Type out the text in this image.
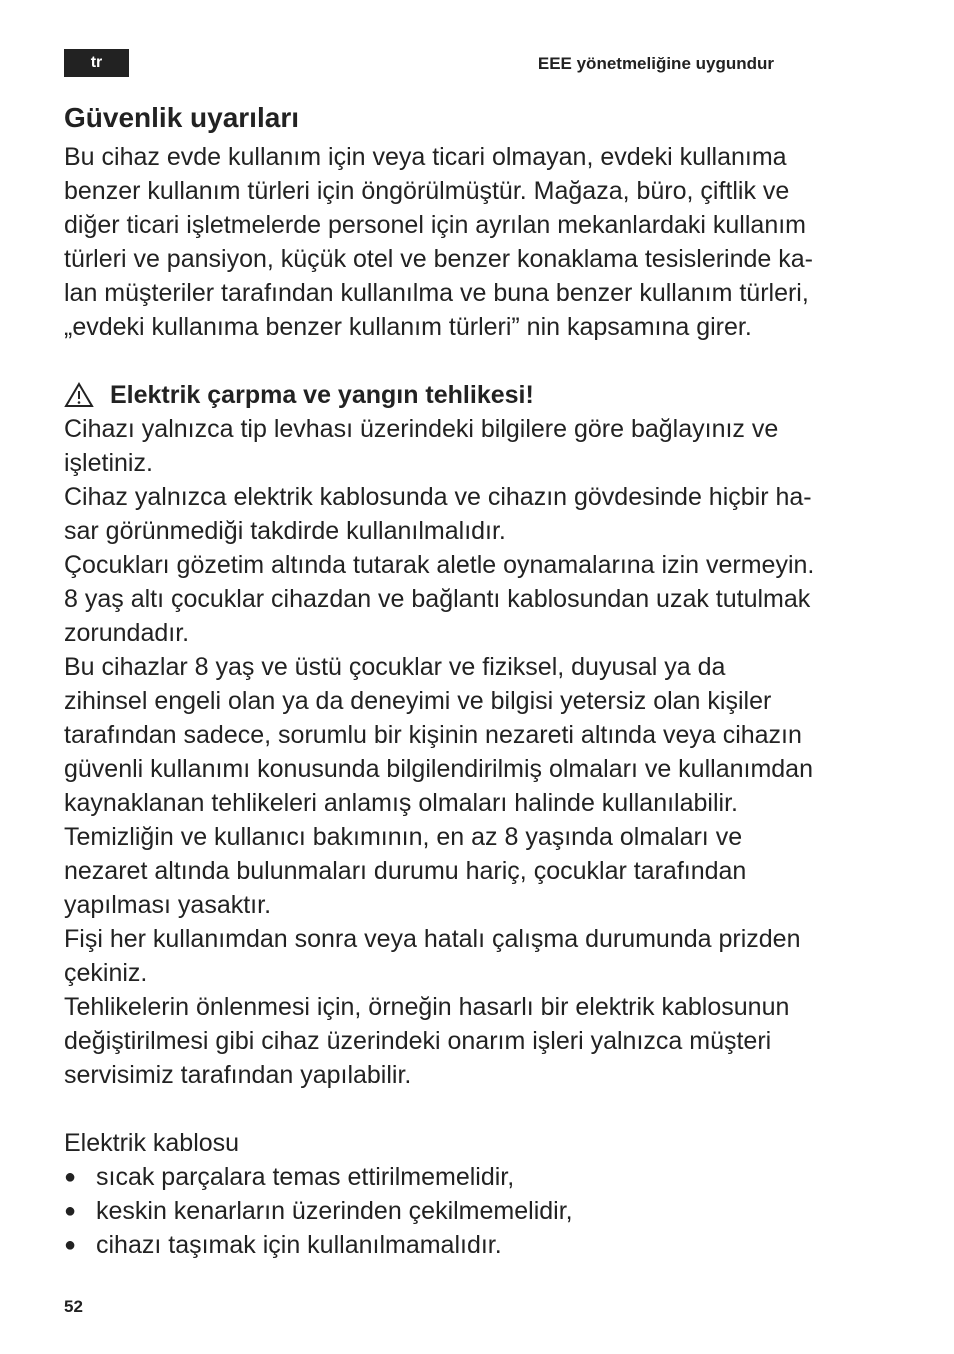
tr	EEE yönetmeliğine uygundur
Güvenlik uyarıları

Bu cihaz evde kullanım için veya ticari olmayan, evdeki kullanıma
benzer kullanım türleri için öngörülmüştür. Mağaza, büro, çiftlik ve
diğer ticari işletmelerde personel için ayrılan mekanlardaki kullanım
türleri ve pansiyon, küçük otel ve benzer konaklama tesislerinde ka-
lan müşteriler tarafından kullanılma ve buna benzer kullanım türleri,
„evdeki kullanıma benzer kullanım türleri” nin kapsamına girer.

Elektrik çarpma ve yangın tehlikesi!

Cihazı yalnızca tip levhası üzerindeki bilgilere göre bağlayınız ve
işletiniz.

Cihaz yalnızca elektrik kablosunda ve cihazın gövdesinde hiçbir ha-
sar görünmediği takdirde kullanılmalıdır.

Çocukları gözetim altında tutarak aletle oynamalarına izin vermeyin.

8 yaş altı çocuklar cihazdan ve bağlantı kablosundan uzak tutulmak
zorundadır.

Bu cihazlar 8 yaş ve üstü çocuklar ve fiziksel, duyusal ya da
zihinsel engeli olan ya da deneyimi ve bilgisi yetersiz olan kişiler
tarafından sadece, sorumlu bir kişinin nezareti altında veya cihazın
güvenli kullanımı konusunda bilgilendirilmiş olmaları ve kullanımdan
kaynaklanan tehlikeleri anlamış olmaları halinde kullanılabilir.

Temizliğin ve kullanıcı bakımının, en az 8 yaşında olmaları ve
nezaret altında bulunmaları durumu hariç, çocuklar tarafından
yapılması yasaktır.

Fişi her kullanımdan sonra veya hatalı çalışma durumunda prizden
çekiniz.

Tehlikelerin önlenmesi için, örneğin hasarlı bir elektrik kablosunun
değiştirilmesi gibi cihaz üzerindeki onarım işleri yalnızca müşteri
servisimiz tarafından yapılabilir.

Elektrik kablosu

● sıcak parçalara temas ettirilmemelidir,
● keskin kenarların üzerinden çekilmemelidir,
● cihazı taşımak için kullanılmamalıdır.
52
